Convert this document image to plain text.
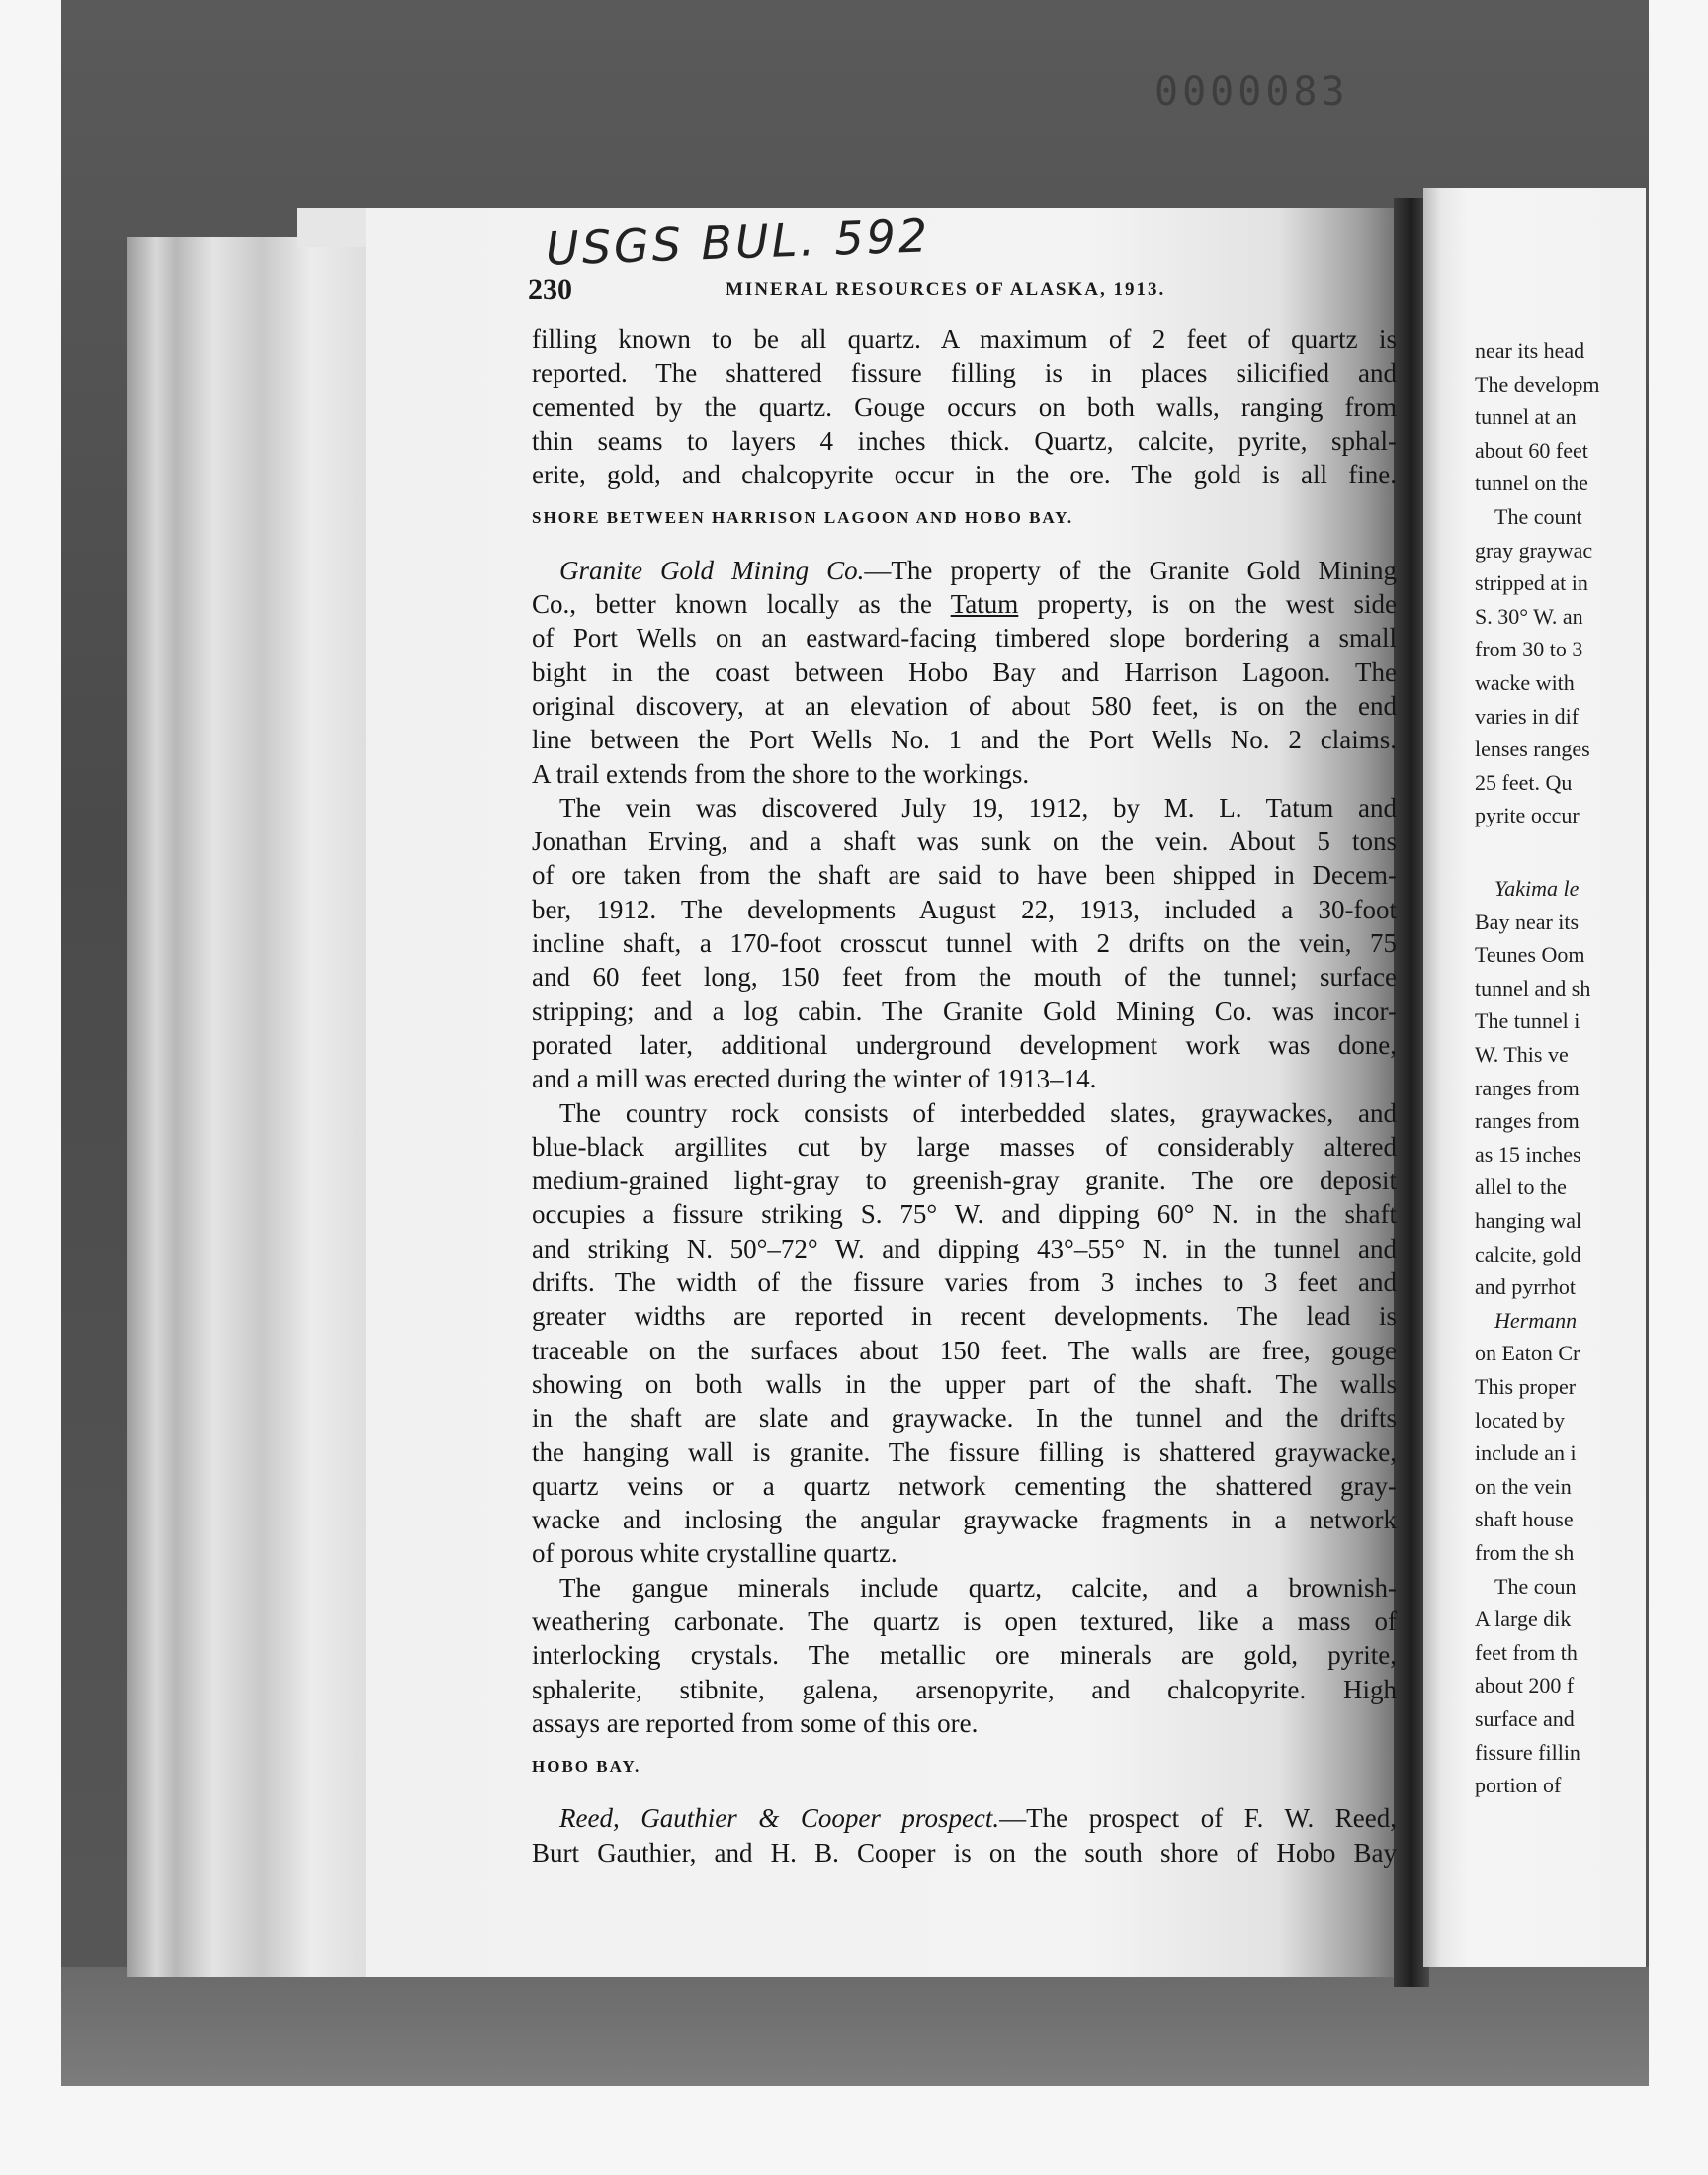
0000083
near its head
The developm
tunnel at an
about 60 feet
tunnel on the
The count
gray graywac
stripped at in
S. 30° W. an
from 30 to 3
wacke with
varies in dif
lenses ranges
25 feet. Qu
pyrite occur
Yakima le
Bay near its
Teunes Oom
tunnel and sh
The tunnel i
W. This ve
ranges from
ranges from
as 15 inches
allel to the
hanging wal
calcite, gold
and pyrrhot
Hermann
on Eaton Cr
This proper
located by
include an i
on the vein
shaft house
from the sh
The coun
A large dik
feet from th
about 200 f
surface and
fissure fillin
portion of
USGS BUL. 592
230	MINERAL RESOURCES OF ALASKA, 1913.

filling known to be all quartz. A maximum of 2 feet of quartz is
reported. The shattered fissure filling is in places silicified and
cemented by the quartz. Gouge occurs on both walls, ranging from
thin seams to layers 4 inches thick. Quartz, calcite, pyrite, sphal-
erite, gold, and chalcopyrite occur in the ore. The gold is all fine.

SHORE BETWEEN HARRISON LAGOON AND HOBO BAY.

Granite Gold Mining Co.—The property of the Granite Gold Mining
Co., better known locally as the Tatum property, is on the west side
of Port Wells on an eastward-facing timbered slope bordering a small
bight in the coast between Hobo Bay and Harrison Lagoon. The
original discovery, at an elevation of about 580 feet, is on the end
line between the Port Wells No. 1 and the Port Wells No. 2 claims.
A trail extends from the shore to the workings.

The vein was discovered July 19, 1912, by M. L. Tatum and
Jonathan Erving, and a shaft was sunk on the vein. About 5 tons
of ore taken from the shaft are said to have been shipped in Decem-
ber, 1912. The developments August 22, 1913, included a 30-foot
incline shaft, a 170-foot crosscut tunnel with 2 drifts on the vein, 75
and 60 feet long, 150 feet from the mouth of the tunnel; surface
stripping; and a log cabin. The Granite Gold Mining Co. was incor-
porated later, additional underground development work was done,
and a mill was erected during the winter of 1913–14.

The country rock consists of interbedded slates, graywackes, and
blue-black argillites cut by large masses of considerably altered
medium-grained light-gray to greenish-gray granite. The ore deposit
occupies a fissure striking S. 75° W. and dipping 60° N. in the shaft
and striking N. 50°–72° W. and dipping 43°–55° N. in the tunnel and
drifts. The width of the fissure varies from 3 inches to 3 feet and
greater widths are reported in recent developments. The lead is
traceable on the surfaces about 150 feet. The walls are free, gouge
showing on both walls in the upper part of the shaft. The walls
in the shaft are slate and graywacke. In the tunnel and the drifts
the hanging wall is granite. The fissure filling is shattered graywacke,
quartz veins or a quartz network cementing the shattered gray-
wacke and inclosing the angular graywacke fragments in a network
of porous white crystalline quartz.

The gangue minerals include quartz, calcite, and a brownish-
weathering carbonate. The quartz is open textured, like a mass of
interlocking crystals. The metallic ore minerals are gold, pyrite,
sphalerite, stibnite, galena, arsenopyrite, and chalcopyrite. High
assays are reported from some of this ore.

HOBO BAY.

Reed, Gauthier & Cooper prospect.—The prospect of F. W. Reed,
Burt Gauthier, and H. B. Cooper is on the south shore of Hobo Bay
